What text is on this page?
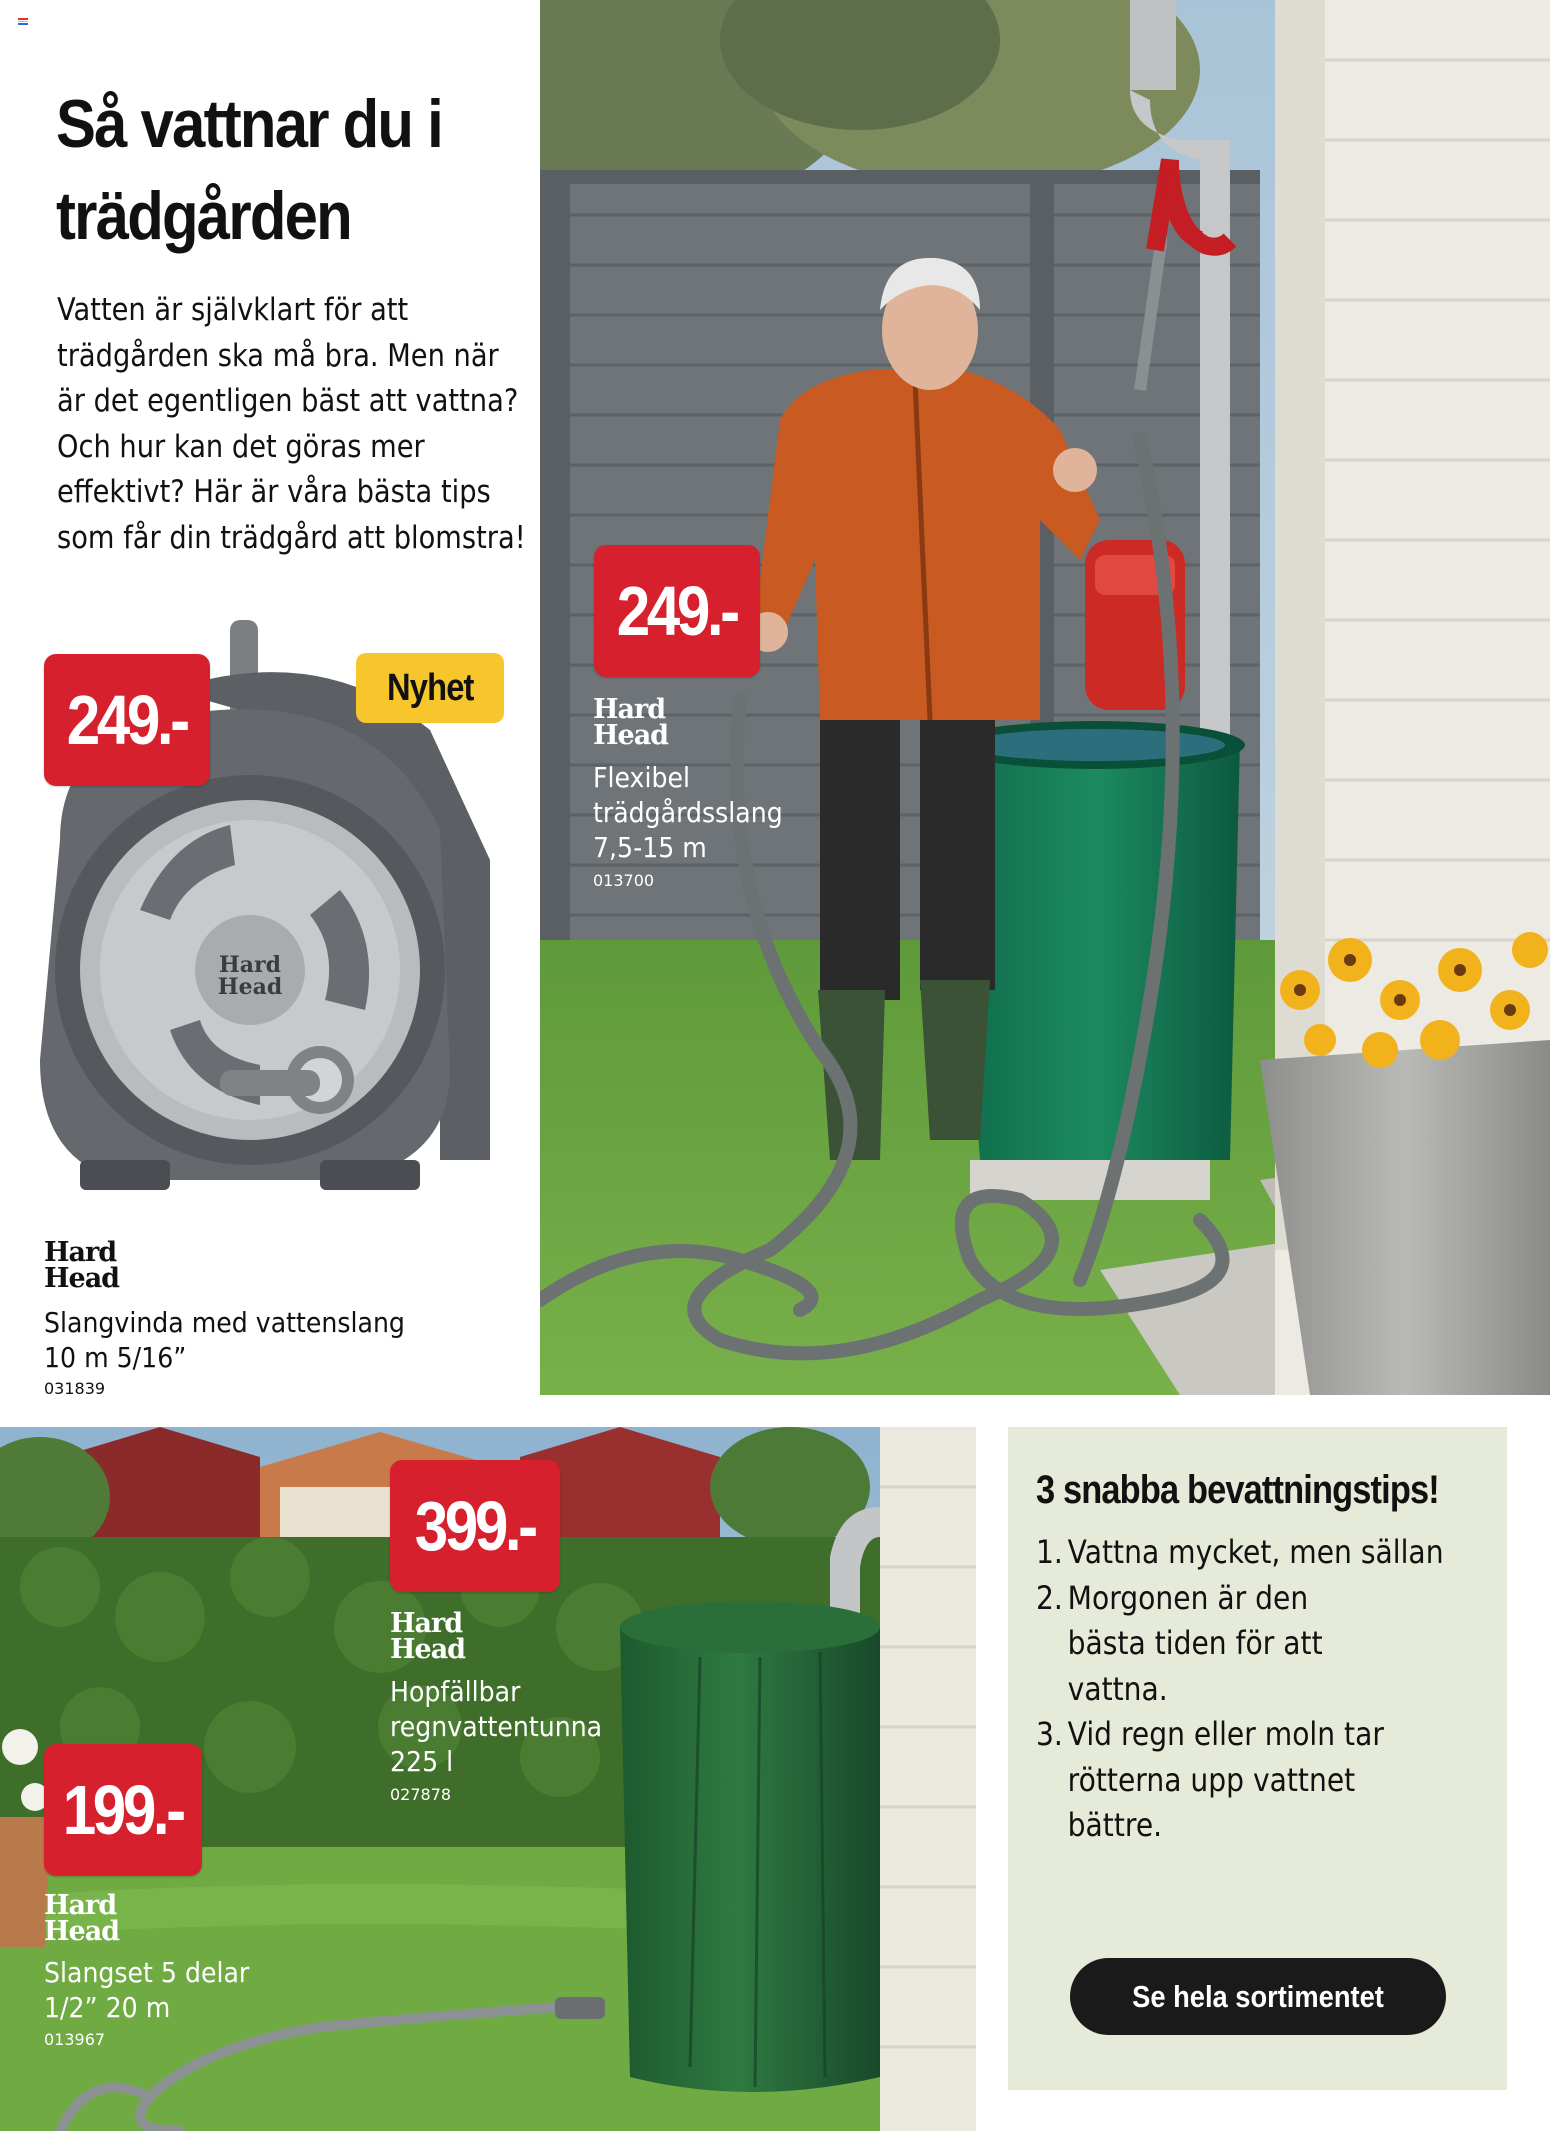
Så vattnar du i
trädgården

Vatten är självklart för att trädgården ska må bra. Men när är det egentligen bäst att vattna? Och hur kan det göras mer effektivt? Här är våra bästa tips som får din trädgård att blomstra!

Hard
Head
249.-	Nyhet
Hard Head
Slangvinda med vattenslang
10 m 5/16”
031839
249.-
Hard Head
Flexibel
trädgårdsslang
7,5-15 m
013700
399.-
Hard Head
Hopfällbar
regnvattentunna
225 l
027878
199.-
Hard Head
Slangset 5 delar
1/2” 20 m
013967
3 snabba bevattningstips!
1. Vattna mycket, men sällan
2. Morgonen är den bästa tiden för att vattna.
3. Vid regn eller moln tar rötterna upp vattnet bättre.
Se hela sortimentet
